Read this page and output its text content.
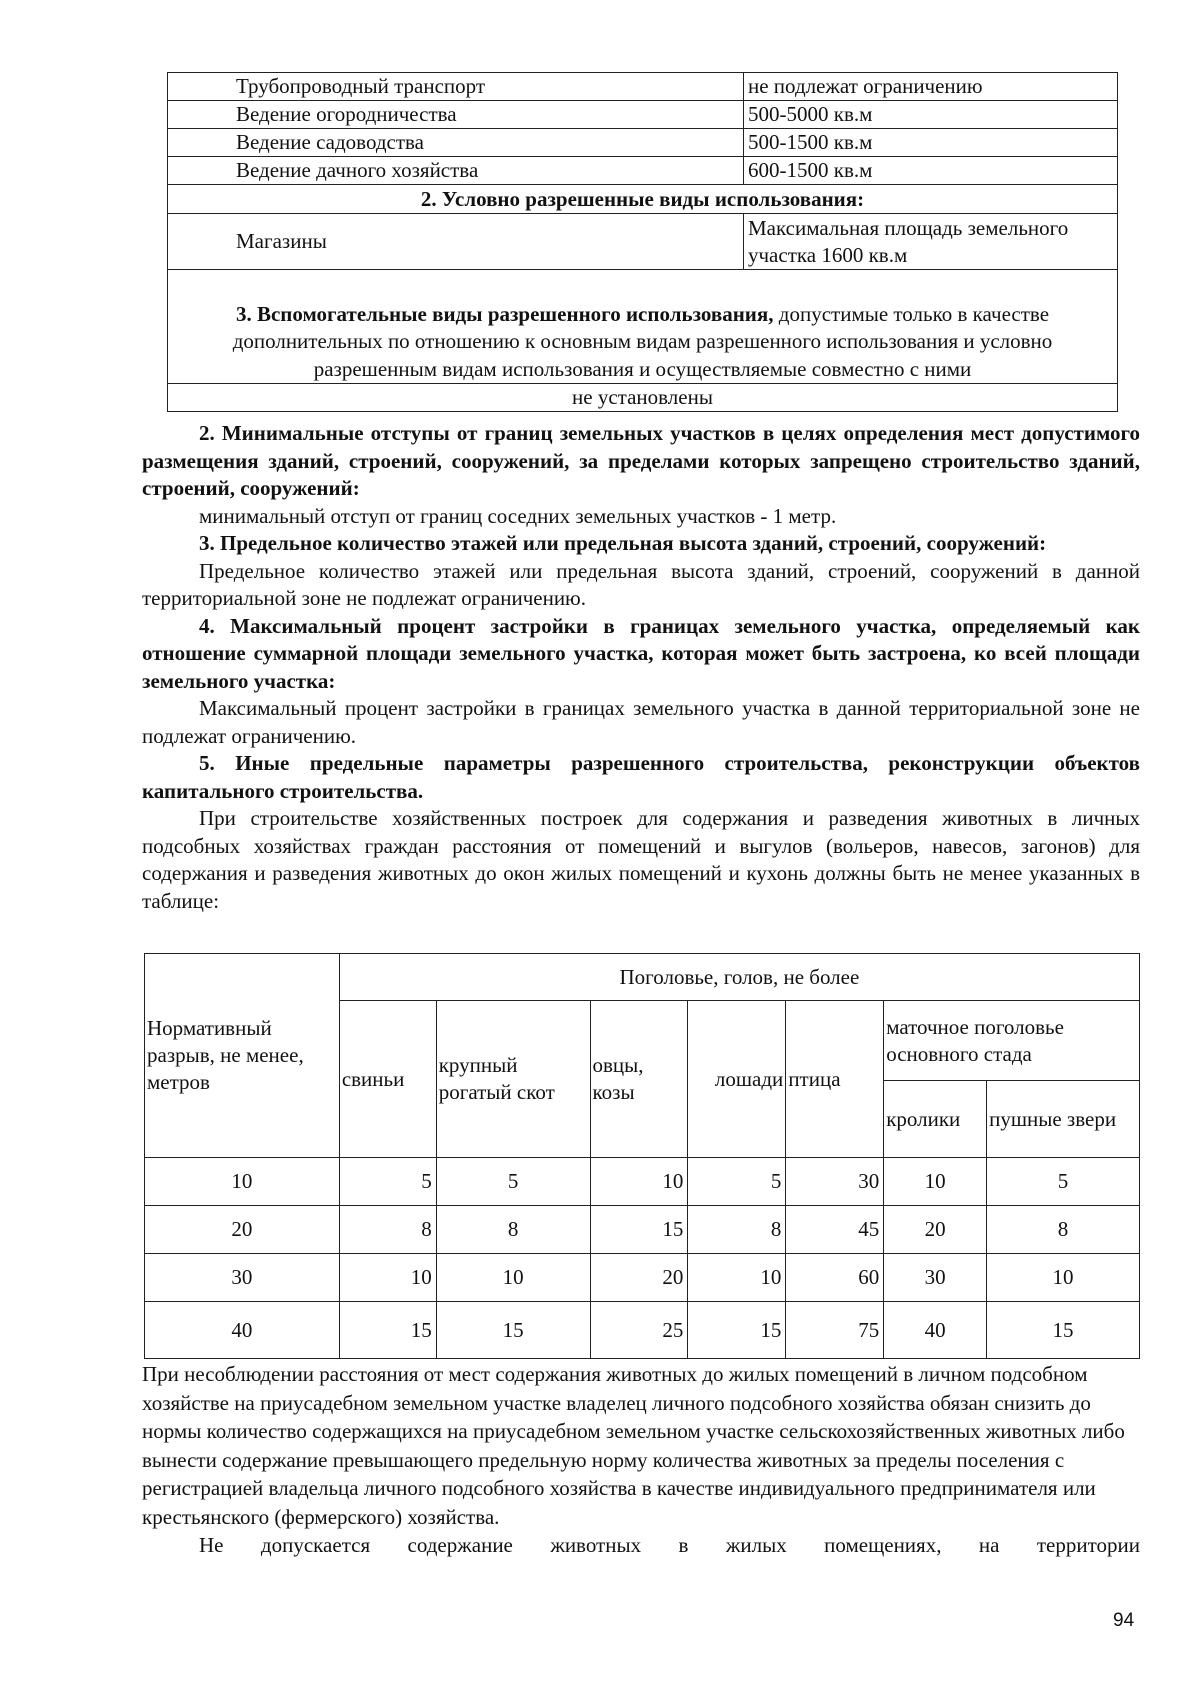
Трубопроводный транспорт	не подлежат ограничению
Ведение огородничества	500-5000 кв.м
Ведение садоводства	500-1500 кв.м
Ведение дачного хозяйства	600-1500 кв.м
2. Условно разрешенные виды использования:	
Магазины	Максимальная площадь земельного
участка 1600 кв.м

3. Вспомогательные виды разрешенного использования, допустимые только в качестве дополнительных по отношению к основным видам разрешенного использования и условно разрешенным видам использования и осуществляемые совместно с ними	
не установлены	

2. Минимальные отступы от границ земельных участков в целях определения мест допустимого размещения зданий, строений, сооружений, за пределами которых запрещено строительство зданий, строений, сооружений:

минимальный отступ от границ соседних земельных участков - 1 метр.

3. Предельное количество этажей или предельная высота зданий, строений, сооружений:

Предельное количество этажей или предельная высота зданий, строений, сооружений в данной территориальной зоне не подлежат ограничению.

4. Максимальный процент застройки в границах земельного участка, определяемый как отношение суммарной площади земельного участка, которая может быть застроена, ко всей площади земельного участка:

Максимальный процент застройки в границах земельного участка в данной территориальной зоне не подлежат ограничению.

5. Иные предельные параметры разрешенного строительства, реконструкции объектов капитального строительства.

При строительстве хозяйственных построек для содержания и разведения животных в личных подсобных хозяйствах граждан расстояния от помещений и выгулов (вольеров, навесов, загонов) для содержания и разведения животных до окон жилых помещений и кухонь должны быть не менее указанных в таблице:

Нормативный разрыв, не менее, метров	Поголовье, голов, не более						
	свиньи	крупный рогатый скот	овцы, козы	лошади	птица	маточное поголовье основного стада	
						кролики	пушные звери
10	5	5	10	5	30	10	5
20	8	8	15	8	45	20	8
30	10	10	20	10	60	30	10
40	15	15	25	15	75	40	15

При несоблюдении расстояния от мест содержания животных до жилых помещений в личном подсобном хозяйстве на приусадебном земельном участке владелец личного подсобного хозяйства обязан снизить до нормы количество содержащихся на приусадебном земельном участке сельскохозяйственных животных либо вынести содержание превышающего предельную норму количества животных за пределы поселения с регистрацией владельца личного подсобного хозяйства в качестве индивидуального предпринимателя или крестьянского (фермерского) хозяйства.

Не допускается содержание животных в жилых помещениях, на территории

94
